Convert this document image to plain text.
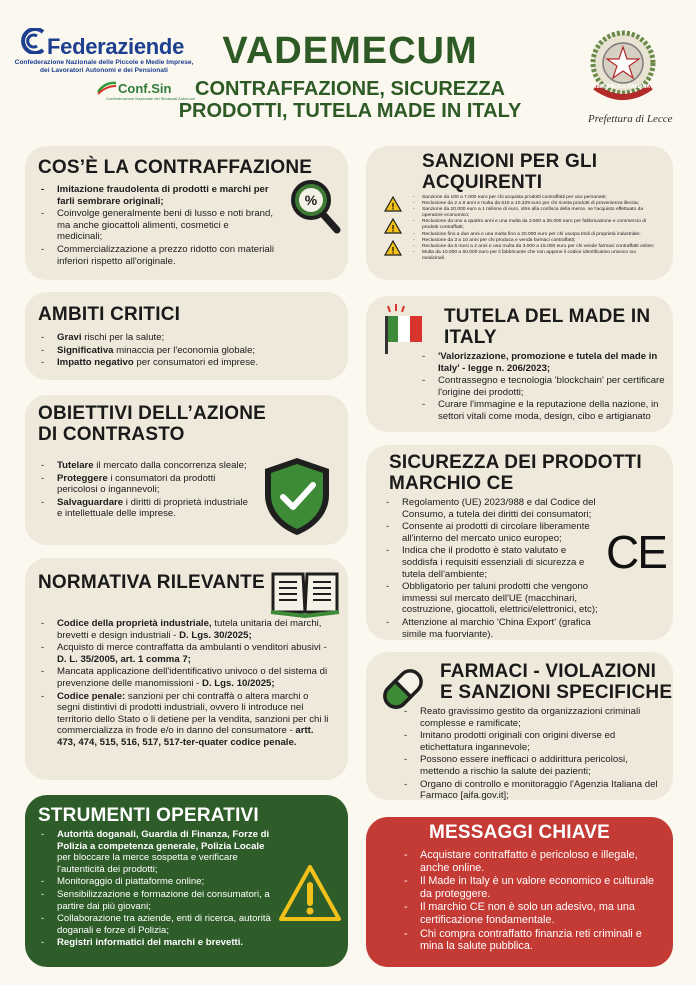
Federaziende
Confederazione Nazionale delle Piccole e Medie Imprese, dei Lavoratori Autonomi e dei Pensionati
Conf.Sin
Confederazione Nazionale dei Sindacati Autonomi
VADEMECUM
CONTRAFFAZIONE, SICUREZZA
PRODOTTI, TUTELA MADE IN ITALY
REPUBBLICA ITALIANA
Prefettura di Lecce
COS’È LA CONTRAFFAZIONE
- Imitazione fraudolenta di prodotti e marchi per farli sembrare originali;
- Coinvolge generalmente beni di lusso e noti brand, ma anche giocattoli alimenti, cosmetici e medicinali;
- Commercializzazione a prezzo ridotto con materiali inferiori rispetto all'originale.
%
SANZIONI PER GLI
ACQUIRENTI
!
!
!
- Sanzione da 100 a 7.000 euro per chi acquista prodotti contraffatti per uso personale;
- Reclusione da 2 a 8 anni e multa da 516 a 10.329 euro per chi ricetta prodotti di provenienza illecita;
- Sanzione da 20.000 euro a 1 milione di euro, oltre alla confisca della merce, se l'acquisto effettuato da operatore economico;
- Reclusione da uno a quattro anni e una multa da 3.500 a 35.000 euro per fabbricazione e commercio di prodotti contraffatti;
- Reclusione fino a due anni e una multa fino a 20.000 euro per chi usurpa titoli di proprietà industriale;
- Reclusione da 3 a 10 anni per chi produca e venda farmaci contraffatti;
- Reclusione da 6 mesi a 2 anni e una multa da 3.000 a 15.000 euro per chi vende farmaci contraffatti online;
- Multa da 10.000 a 60.000 euro per il fabbricante che non appone il codice identificativo univoco sui medicinali.
AMBITI CRITICI
- Gravi rischi per la salute;
- Significativa minaccia per l'economia globale;
- Impatto negativo per consumatori ed imprese.
TUTELA DEL MADE IN
ITALY
- 'Valorizzazione, promozione e tutela del made in Italy' - legge n. 206/2023;
- Contrassegno e tecnologia 'blockchain' per certificare l'origine dei prodotti;
- Curare l'immagine e la reputazione della nazione, in settori vitali come moda, design, cibo e artigianato
OBIETTIVI DELL’AZIONE
DI CONTRASTO
- Tutelare il mercato dalla concorrenza sleale;
- Proteggere i consumatori da prodotti pericolosi o ingannevoli;
- Salvaguardare i diritti di proprietà industriale e intellettuale delle imprese.
SICUREZZA DEI PRODOTTI
MARCHIO CE
- Regolamento (UE) 2023/988 e dal Codice del Consumo, a tutela dei diritti dei consumatori;
- Consente ai prodotti di circolare liberamente all'interno del mercato unico europeo;
- Indica che il prodotto è stato valutato e soddisfa i requisiti essenziali di sicurezza e tutela dell'ambiente;
- Obbligatorio per taluni prodotti che vengono immessi sul mercato dell'UE (macchinari, costruzione, giocattoli, elettrici/elettronici, etc);
- Attenzione al marchio 'China Export' (grafica simile ma fuorviante).
CE
NORMATIVA RILEVANTE
- Codice della proprietà industriale, tutela unitaria dei marchi, brevetti e design industriali - D. Lgs. 30/2025;
- Acquisto di merce contraffatta da ambulanti o venditori abusivi - D. L. 35/2005, art. 1 comma 7;
- Mancata applicazione dell'identificativo univoco o del sistema di prevenzione delle manomissioni - D. Lgs. 10/2025;
- Codice penale: sanzioni per chi contraffà o altera marchi o segni distintivi di prodotti industriali, ovvero li introduce nel territorio dello Stato o li detiene per la vendita, sanzioni per chi li commercializza in frode e/o in danno del consumatore - artt. 473, 474, 515, 516, 517, 517-ter-quater codice penale.
FARMACI - VIOLAZIONI
E SANZIONI SPECIFICHE
- Reato gravissimo gestito da organizzazioni criminali complesse e ramificate;
- Imitano prodotti originali con origini diverse ed etichettatura ingannevole;
- Possono essere inefficaci o addirittura pericolosi, mettendo a rischio la salute dei pazienti;
- Organo di controllo e monitoraggio l'Agenzia Italiana del Farmaco [aifa.gov.it];
STRUMENTI OPERATIVI
- Autorità doganali, Guardia di Finanza, Forze di Polizia a competenza generale, Polizia Locale per bloccare la merce sospetta e verificare l'autenticità dei prodotti;
- Monitoraggio di piattaforme online;
- Sensibilizzazione e formazione dei consumatori, a partire dai più giovani;
- Collaborazione tra aziende, enti di ricerca, autorità doganali e forze di Polizia;
- Registri informatici dei marchi e brevetti.
MESSAGGI CHIAVE
- Acquistare contraffatto è pericoloso e illegale, anche online.
- Il Made in Italy è un valore economico e culturale da proteggere.
- Il marchio CE non è solo un adesivo, ma una certificazione fondamentale.
- Chi compra contraffatto finanzia reti criminali e mina la salute pubblica.
